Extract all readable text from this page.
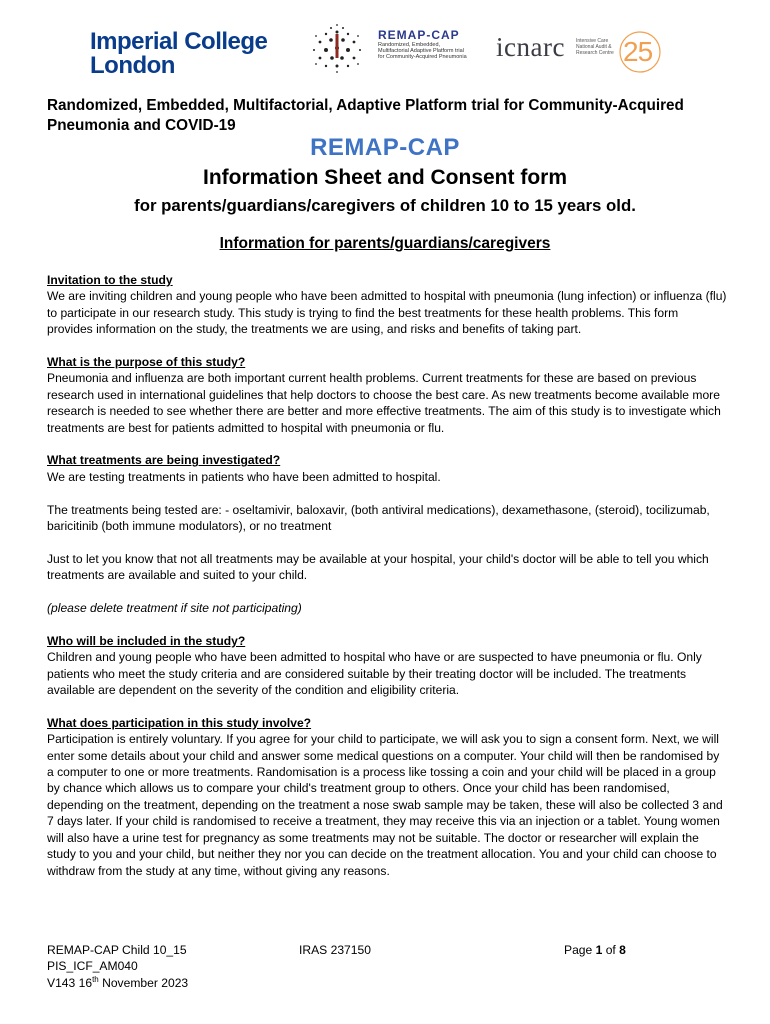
Imperial College
London
REMAP-CAP
Randomized, Embedded, Multifactorial Adaptive Platform trial for Community-Acquired Pneumonia icnarc Intensive Care National Audit & Research Centre 25
Randomized, Embedded, Multifactorial, Adaptive Platform trial for Community-Acquired Pneumonia and COVID-19
REMAP-CAP
Information Sheet and Consent form
for parents/guardians/caregivers of children 10 to 15 years old.
Information for parents/guardians/caregivers
Invitation to the study

We are inviting children and young people who have been admitted to hospital with pneumonia (lung infection) or influenza (flu) to participate in our research study. This study is trying to find the best treatments for these health problems. This form provides information on the study, the treatments we are using, and risks and benefits of taking part.

What is the purpose of this study?

Pneumonia and influenza are both important current health problems. Current treatments for these are based on previous research used in international guidelines that help doctors to choose the best care. As new treatments become available more research is needed to see whether there are better and more effective treatments. The aim of this study is to investigate which treatments are best for patients admitted to hospital with pneumonia or flu.

What treatments are being investigated?

We are testing treatments in patients who have been admitted to hospital.

The treatments being tested are: - oseltamivir, baloxavir, (both antiviral medications), dexamethasone, (steroid), tocilizumab, baricitinib (both immune modulators), or no treatment

Just to let you know that not all treatments may be available at your hospital, your child's doctor will be able to tell you which treatments are available and suited to your child.

(please delete treatment if site not participating)

Who will be included in the study?

Children and young people who have been admitted to hospital who have or are suspected to have pneumonia or flu. Only patients who meet the study criteria and are considered suitable by their treating doctor will be included. The treatments available are dependent on the severity of the condition and eligibility criteria.

What does participation in this study involve?

Participation is entirely voluntary. If you agree for your child to participate, we will ask you to sign a consent form. Next, we will enter some details about your child and answer some medical questions on a computer. Your child will then be randomised by a computer to one or more treatments. Randomisation is a process like tossing a coin and your child will be placed in a group by chance which allows us to compare your child's treatment group to others. Once your child has been randomised, depending on the treatment, depending on the treatment a nose swab sample may be taken, these will also be collected 3 and 7 days later. If your child is randomised to receive a treatment, they may receive this via an injection or a tablet. Young women will also have a urine test for pregnancy as some treatments may not be suitable. The doctor or researcher will explain the study to you and your child, but neither they nor you can decide on the treatment allocation. You and your child can choose to withdraw from the study at any time, without giving any reasons.

REMAP-CAP Child 10_15
PIS_ICF_AM040
V143 16th November 2023
IRAS 237150	Page 1 of 8
